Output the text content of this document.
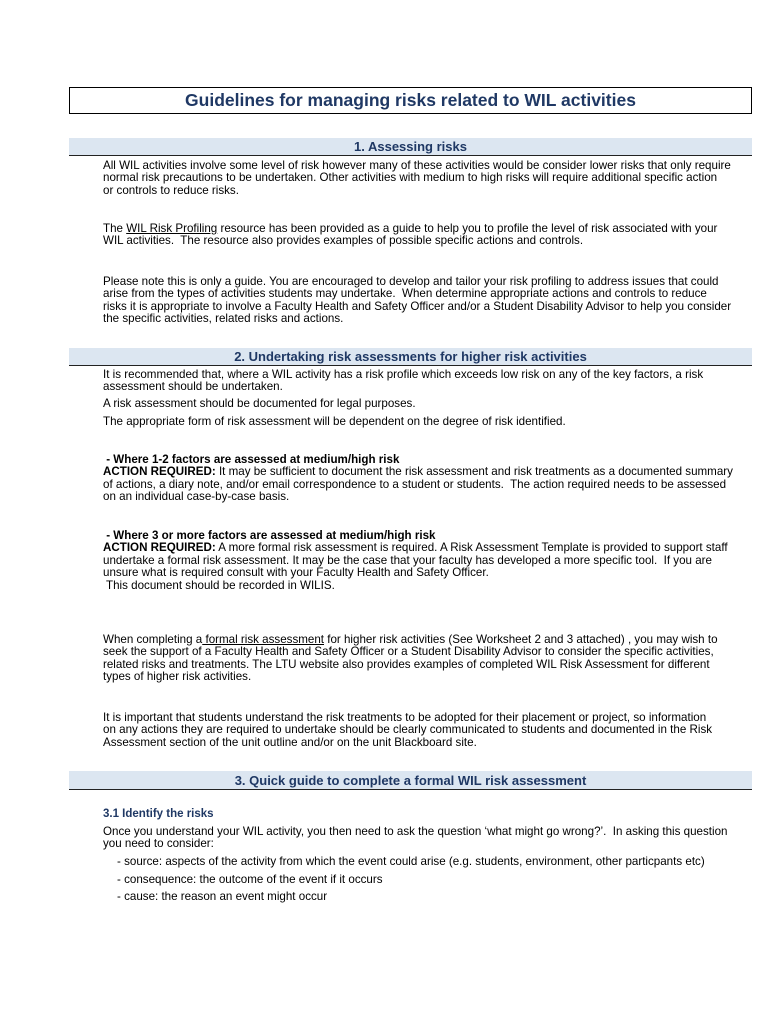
Guidelines for managing risks related to WIL activities
1. Assessing risks
All WIL activities involve some level of risk however many of these activities would be consider lower risks that only require
normal risk precautions to be undertaken. Other activities with medium to high risks will require additional specific action
or controls to reduce risks.
The WIL Risk Profiling resource has been provided as a guide to help you to profile the level of risk associated with your
WIL activities.  The resource also provides examples of possible specific actions and controls.
Please note this is only a guide. You are encouraged to develop and tailor your risk profiling to address issues that could
arise from the types of activities students may undertake.  When determine appropriate actions and controls to reduce
risks it is appropriate to involve a Faculty Health and Safety Officer and/or a Student Disability Advisor to help you consider
the specific activities, related risks and actions.
2. Undertaking risk assessments for higher risk activities
It is recommended that, where a WIL activity has a risk profile which exceeds low risk on any of the key factors, a risk
assessment should be undertaken.
A risk assessment should be documented for legal purposes.
The appropriate form of risk assessment will be dependent on the degree of risk identified.
- Where 1-2 factors are assessed at medium/high risk
ACTION REQUIRED: It may be sufficient to document the risk assessment and risk treatments as a documented summary
of actions, a diary note, and/or email correspondence to a student or students.  The action required needs to be assessed
on an individual case-by-case basis.
- Where 3 or more factors are assessed at medium/high risk
ACTION REQUIRED: A more formal risk assessment is required. A Risk Assessment Template is provided to support staff
undertake a formal risk assessment. It may be the case that your faculty has developed a more specific tool.  If you are
unsure what is required consult with your Faculty Health and Safety Officer.
This document should be recorded in WILIS.
When completing a formal risk assessment for higher risk activities (See Worksheet 2 and 3 attached) , you may wish to
seek the support of a Faculty Health and Safety Officer or a Student Disability Advisor to consider the specific activities,
related risks and treatments. The LTU website also provides examples of completed WIL Risk Assessment for different
types of higher risk activities.
It is important that students understand the risk treatments to be adopted for their placement or project, so information
on any actions they are required to undertake should be clearly communicated to students and documented in the Risk
Assessment section of the unit outline and/or on the unit Blackboard site.
3. Quick guide to complete a formal WIL risk assessment
3.1 Identify the risks
Once you understand your WIL activity, you then need to ask the question ‘what might go wrong?’.  In asking this question
you need to consider:
- source: aspects of the activity from which the event could arise (e.g. students, environment, other particpants etc)
- consequence: the outcome of the event if it occurs
- cause: the reason an event might occur
